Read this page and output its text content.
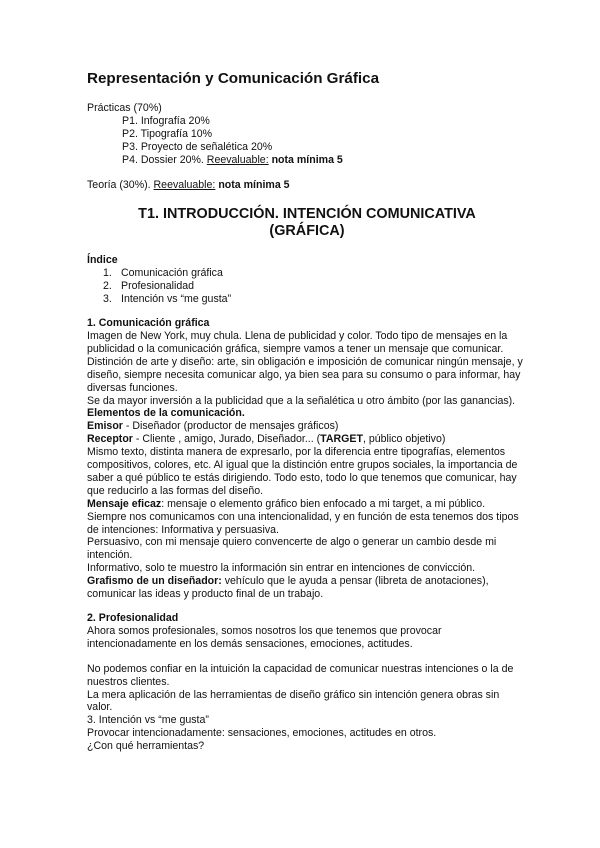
Representación y Comunicación Gráfica

Prácticas (70%)

P1. Infografía 20%

P2. Tipografía 10%

P3. Proyecto de señalética 20%

P4. Dossier 20%. Reevaluable: nota mínima 5

Teoría (30%). Reevaluable: nota mínima 5

T1. INTRODUCCIÓN. INTENCIÓN COMUNICATIVA
(GRÁFICA)

Índice

1. Comunicación gráfica
2. Profesionalidad
3. Intención vs “me gusta”

1. Comunicación gráfica

Imagen de New York, muy chula. Llena de publicidad y color. Todo tipo de mensajes en la publicidad o la comunicación gráfica, siempre vamos a tener un mensaje que comunicar. Distinción de arte y diseño: arte, sin obligación e imposición de comunicar ningún mensaje, y diseño, siempre necesita comunicar algo, ya bien sea para su consumo o para informar, hay diversas funciones.

Se da mayor inversión a la publicidad que a la señalética u otro ámbito (por las ganancias).

Elementos de la comunicación.

Emisor - Diseñador (productor de mensajes gráficos)

Receptor - Cliente , amigo, Jurado, Diseñador... (TARGET, público objetivo)

Mismo texto, distinta manera de expresarlo, por la diferencia entre tipografías, elementos compositivos, colores, etc. Al igual que la distinción entre grupos sociales, la importancia de saber a qué público te estás dirigiendo. Todo esto, todo lo que tenemos que comunicar, hay que reducirlo a las formas del diseño.

Mensaje eficaz: mensaje o elemento gráfico bien enfocado a mi target, a mi público.

Siempre nos comunicamos con una intencionalidad, y en función de esta tenemos dos tipos de intenciones: Informativa y persuasiva.

Persuasivo, con mi mensaje quiero convencerte de algo o generar un cambio desde mi intención.

Informativo, solo te muestro la información sin entrar en intenciones de convicción.

Grafismo de un diseñador: vehículo que le ayuda a pensar (libreta de anotaciones), comunicar las ideas y producto final de un trabajo.

2. Profesionalidad

Ahora somos profesionales, somos nosotros los que tenemos que provocar intencionadamente en los demás sensaciones, emociones, actitudes.

No podemos confiar en la intuición la capacidad de comunicar nuestras intenciones o la de nuestros clientes.

La mera aplicación de las herramientas de diseño gráfico sin intención genera obras sin valor.

3. Intención vs “me gusta”

Provocar intencionadamente: sensaciones, emociones, actitudes en otros.

¿Con qué herramientas?
